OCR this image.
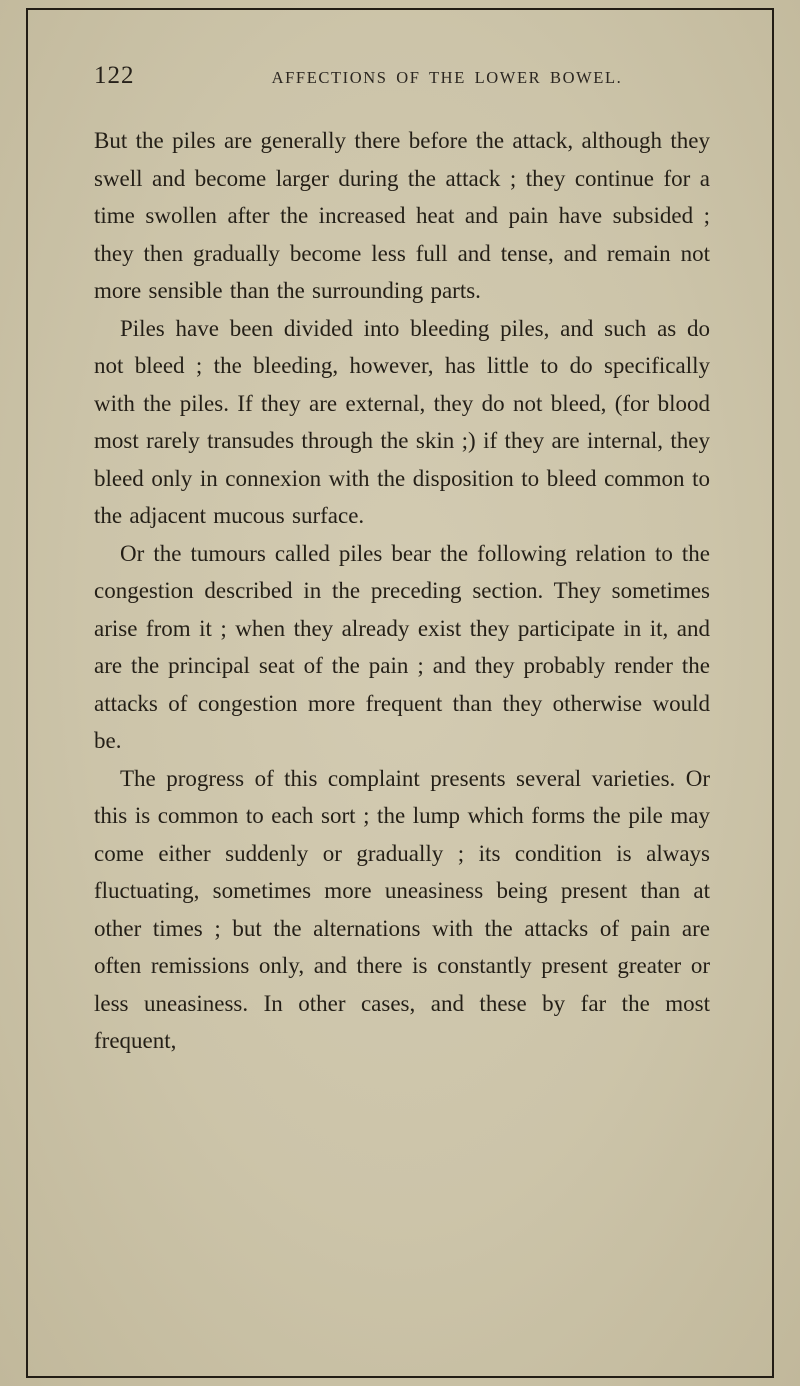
122	AFFECTIONS OF THE LOWER BOWEL.

But the piles are generally there before the attack, although they swell and become larger during the attack ; they continue for a time swollen after the increased heat and pain have subsided ; they then gradually become less full and tense, and remain not more sensible than the surrounding parts.

Piles have been divided into bleeding piles, and such as do not bleed ; the bleeding, however, has little to do specifically with the piles. If they are external, they do not bleed, (for blood most rarely transudes through the skin ;) if they are internal, they bleed only in connexion with the disposition to bleed common to the adjacent mucous surface.

Or the tumours called piles bear the following relation to the congestion described in the preceding section. They sometimes arise from it ; when they already exist they participate in it, and are the principal seat of the pain ; and they probably render the attacks of congestion more frequent than they otherwise would be.

The progress of this complaint presents several varieties. Or this is common to each sort ; the lump which forms the pile may come either suddenly or gradually ; its condition is always fluctuating, sometimes more uneasiness being present than at other times ; but the alternations with the attacks of pain are often remissions only, and there is constantly present greater or less uneasiness. In other cases, and these by far the most frequent,
